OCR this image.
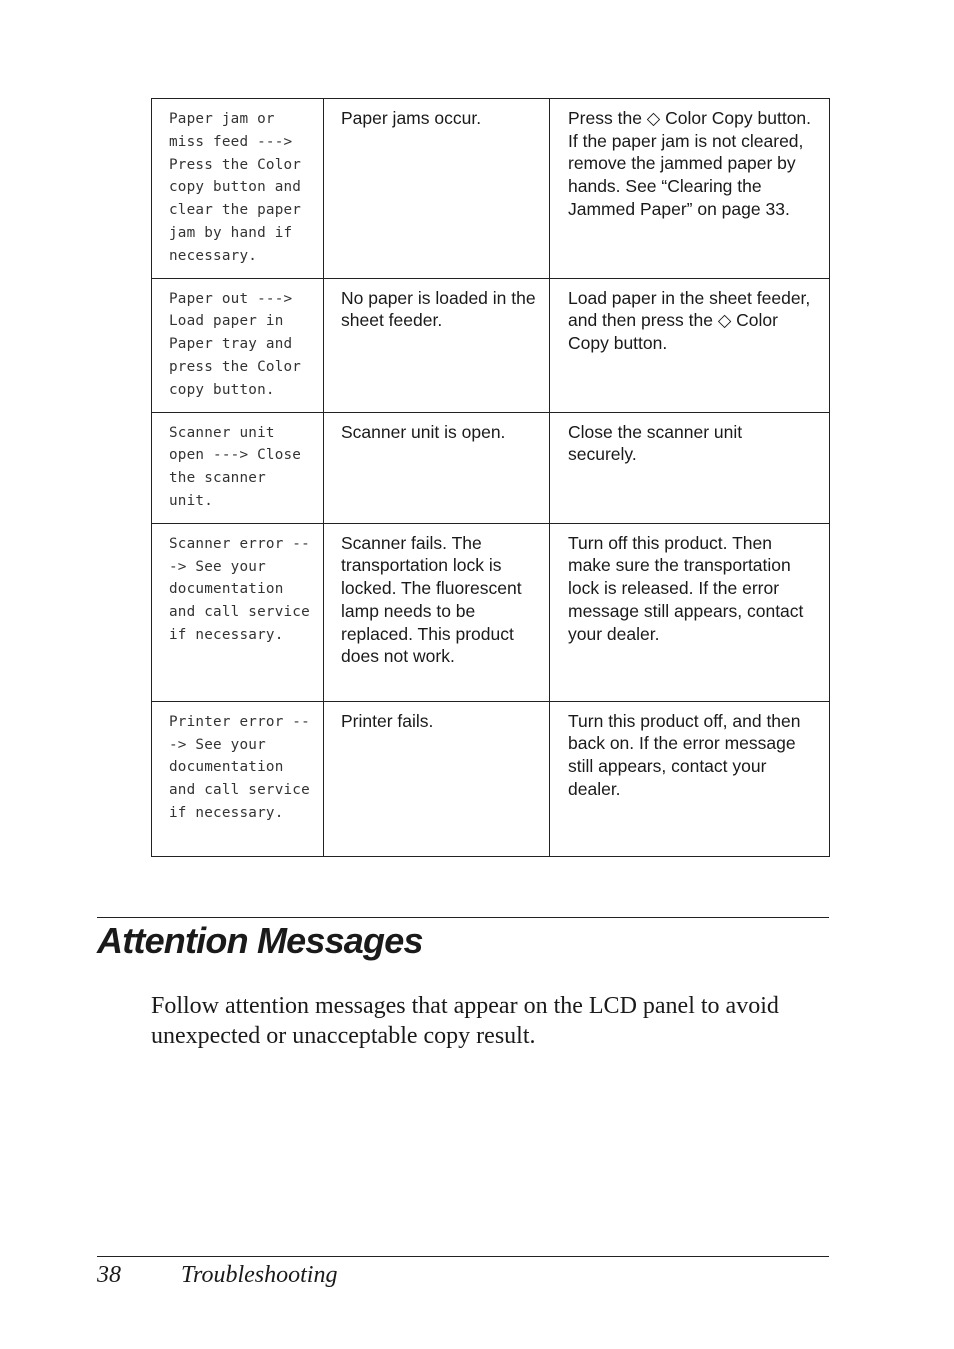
Paper jam or miss feed ---> Press the Color copy button and clear the paper jam by hand if necessary.	Paper jams occur.	Press the ◇ Color Copy button. If the paper jam is not cleared, remove the jammed paper by hands. See “Clearing the Jammed Paper” on page 33.
Paper out ---> Load paper in Paper tray and press the Color copy button.	No paper is loaded in the sheet feeder.	Load paper in the sheet feeder, and then press the ◇ Color Copy button.
Scanner unit open ---> Close the scanner unit.	Scanner unit is open.	Close the scanner unit securely.
Scanner error ---> See your documentation and call service if necessary.	Scanner fails. The transportation lock is locked. The fluorescent lamp needs to be replaced. This product does not work.	Turn off this product. Then make sure the transportation lock is released. If the error message still appears, contact your dealer.
Printer error ---> See your documentation and call service if necessary.	Printer fails.	Turn this product off, and then back on. If the error message still appears, contact your dealer.
Attention Messages

Follow attention messages that appear on the LCD panel to avoid unexpected or unacceptable copy result.

38	Troubleshooting
